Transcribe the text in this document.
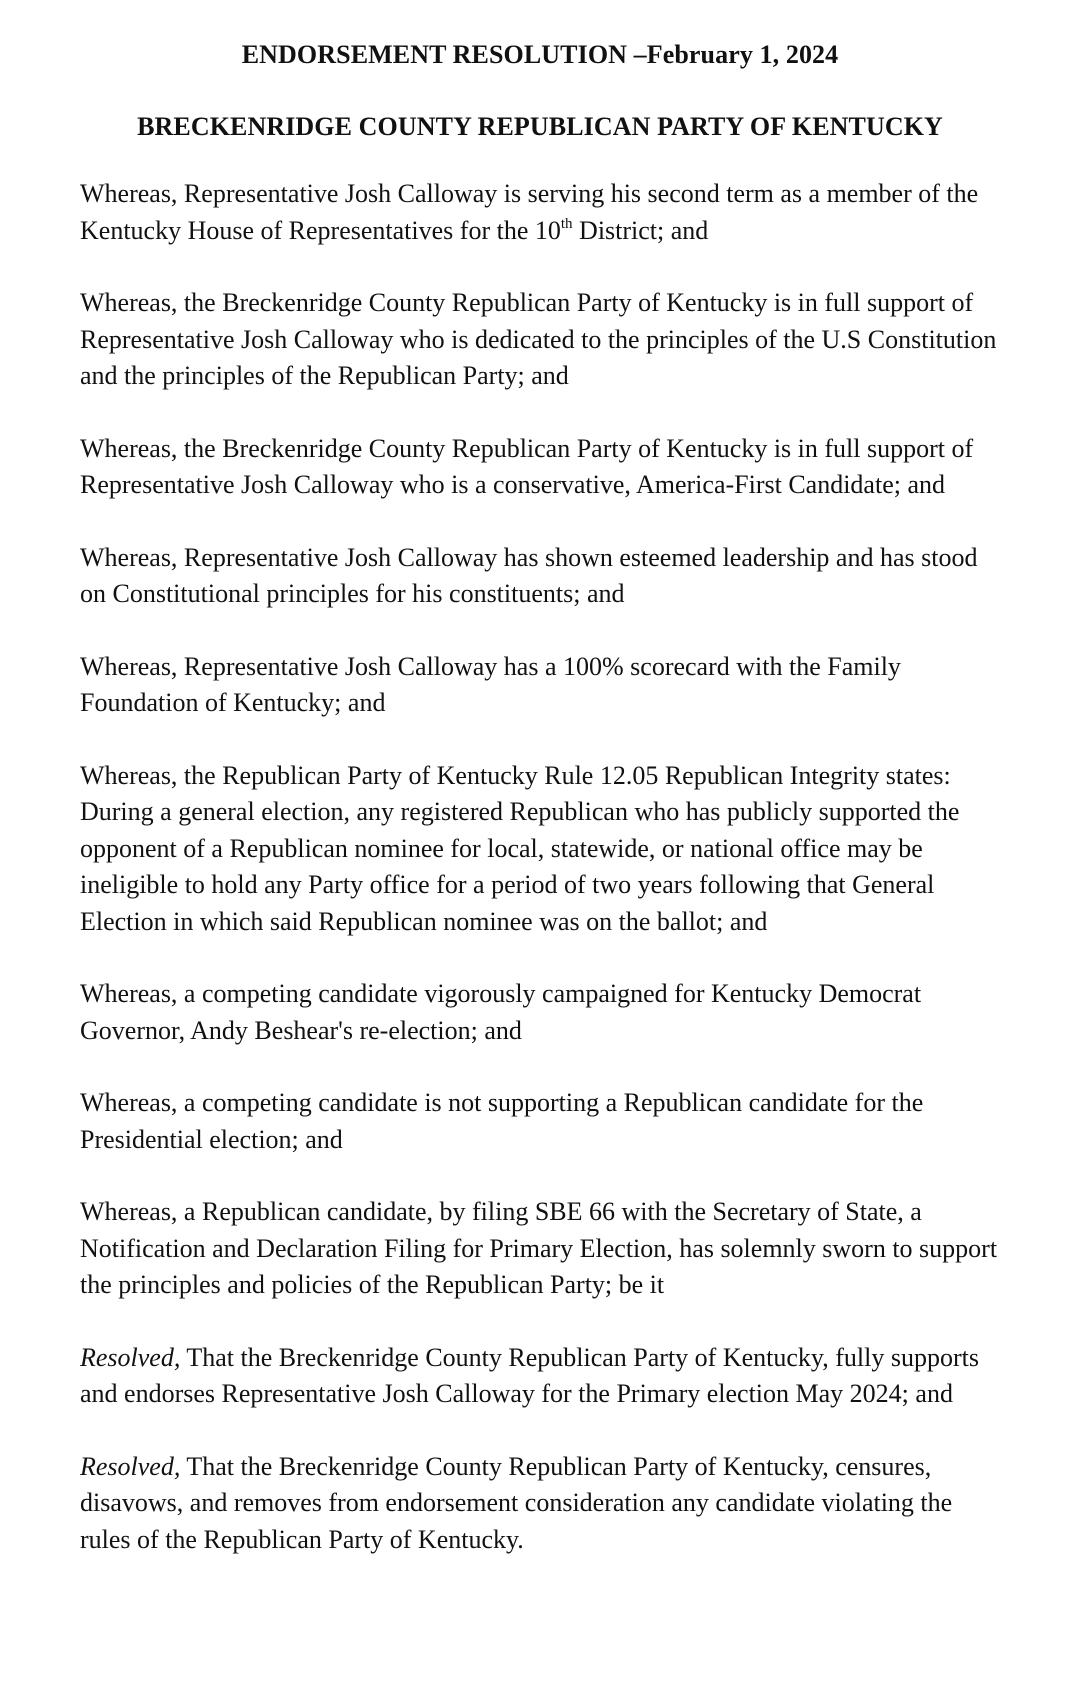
ENDORSEMENT RESOLUTION –February 1, 2024
BRECKENRIDGE COUNTY REPUBLICAN PARTY OF KENTUCKY

Whereas, Representative Josh Calloway is serving his second term as a member of the Kentucky House of Representatives for the 10th District; and

Whereas, the Breckenridge County Republican Party of Kentucky is in full support of Representative Josh Calloway who is dedicated to the principles of the U.S Constitution and the principles of the Republican Party; and

Whereas, the Breckenridge County Republican Party of Kentucky is in full support of Representative Josh Calloway who is a conservative, America-First Candidate; and

Whereas, Representative Josh Calloway has shown esteemed leadership and has stood on Constitutional principles for his constituents; and

Whereas, Representative Josh Calloway has a 100% scorecard with the Family Foundation of Kentucky; and

Whereas, the Republican Party of Kentucky Rule 12.05 Republican Integrity states: During a general election, any registered Republican who has publicly supported the opponent of a Republican nominee for local, statewide, or national office may be ineligible to hold any Party office for a period of two years following that General Election in which said Republican nominee was on the ballot; and

Whereas, a competing candidate vigorously campaigned for Kentucky Democrat Governor, Andy Beshear's re-election; and

Whereas, a competing candidate is not supporting a Republican candidate for the Presidential election; and

Whereas, a Republican candidate, by filing SBE 66 with the Secretary of State, a Notification and Declaration Filing for Primary Election, has solemnly sworn to support the principles and policies of the Republican Party; be it

Resolved, That the Breckenridge County Republican Party of Kentucky, fully supports and endorses Representative Josh Calloway for the Primary election May 2024; and

Resolved, That the Breckenridge County Republican Party of Kentucky, censures, disavows, and removes from endorsement consideration any candidate violating the rules of the Republican Party of Kentucky.
